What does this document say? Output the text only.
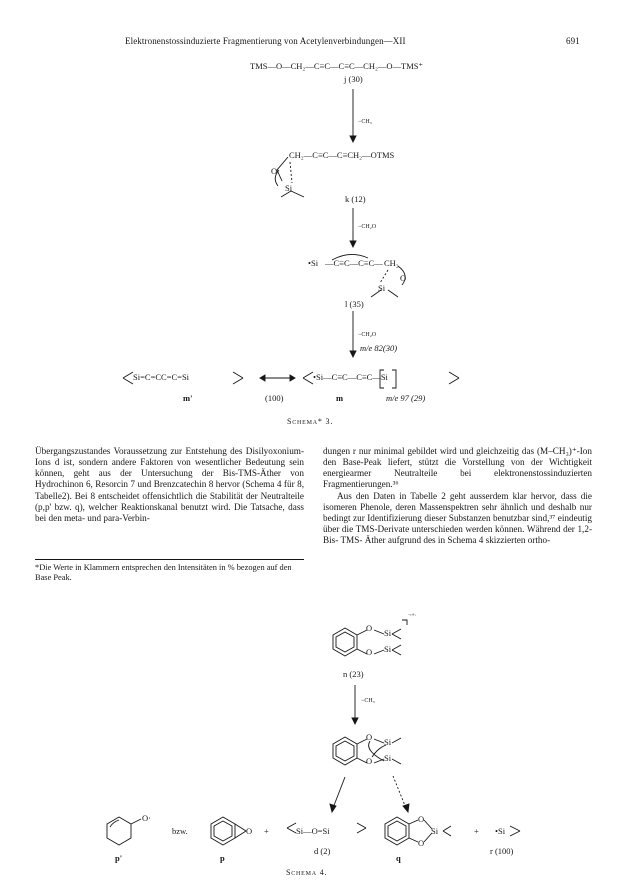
Elektronenstossinduzierte Fragmentierung von Acetylenverbindungen—XII	691
TMS—O—CH₂—C≡C—C≡C—CH₂—O—TMS⁺
j (30)
−CH₃
CH₂—C≡C—C≡CH₂—OTMS
O
Si
k (12)
−CH₂O
•Si —C≡C—C≡C— CH₂
O
Si
l (35)
−CH₂O
m/e 82(30)
Si=C=CC=C=Si	•Si—C≡C—C≡C—Si
m'	(100)	m	m/e 97 (29)
Schema* 3.

Übergangszustandes Voraussetzung zur Entstehung des Disilyoxonium-Ions d ist, sondern andere Faktoren von wesentlicher Bedeutung sein können, geht aus der Untersuchung der Bis-TMS-Äther von Hydrochinon 6, Resorcin 7 und Brenzcatechin 8 hervor (Schema 4 für 8, Tabelle2). Bei 8 entscheidet offensichtlich die Stabilität der Neutralteile (p,p' bzw. q), welcher Reaktionskanal benutzt wird. Die Tatsache, dass bei den meta- und para-Verbin-

*Die Werte in Klammern entsprechen den Intensitäten in % bezogen auf den Base Peak.

dungen r nur minimal gebildet wird und gleichzeitig das (M–CH₃)⁺-Ion den Base-Peak liefert, stützt die Vorstellung von der Wichtigkeit energiearmer Neutralteile bei elektronenstossinduzierten Fragmentierungen.³⁶

Aus den Daten in Tabelle 2 geht ausserdem klar hervor, dass die isomeren Phenole, deren Massenspektren sehr ähnlich und deshalb nur bedingt zur Identifizierung dieser Substanzen benutzbar sind,³⁷ eindeutig über die TMS-Derivate unterschieden werden können. Während der 1,2- Bis- TMS- Äther aufgrund des in Schema 4 skizzierten ortho-

O
O
Si
Si
¬+·
n (23)
−CH₃
O
O
Si
Si
O·
bzw.	O +	Si—O=Si	Si
O
O
+ •Si
p'	p
d (2)
q
r (100)
Schema 4.
